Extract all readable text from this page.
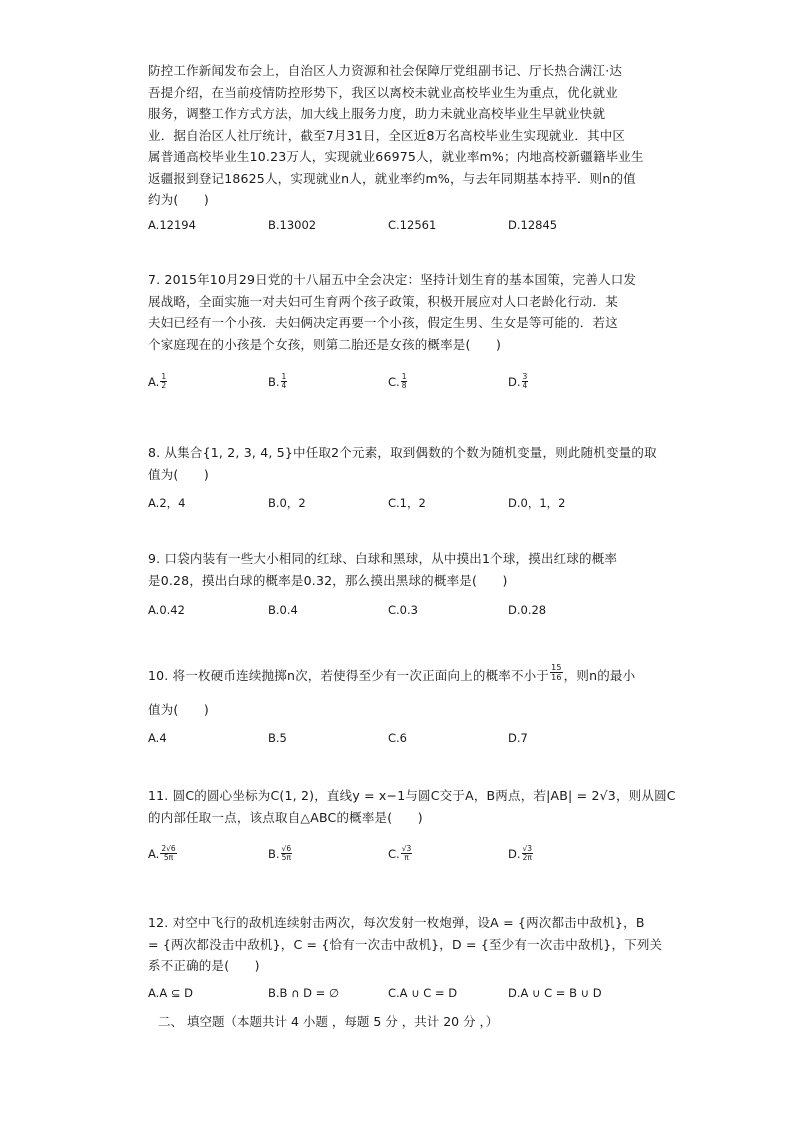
防控工作新闻发布会上，自治区人力资源和社会保障厅党组副书记、厅长热合满江·达

吾提介绍，在当前疫情防控形势下，我区以离校未就业高校毕业生为重点，优化就业

服务，调整工作方式方法，加大线上服务力度，助力未就业高校毕业生早就业快就

业．据自治区人社厅统计，截至7月31日，全区近8万名高校毕业生实现就业．其中区

属普通高校毕业生10.23万人，实现就业66975人，就业率m%；内地高校新疆籍毕业生

返疆报到登记18625人，实现就业n人，就业率约m%，与去年同期基本持平．则n的值

约为(　　)

A.12194	B.13002	C.12561	D.12845

7. 2015年10月29日党的十八届五中全会决定：坚持计划生育的基本国策，完善人口发

展战略，全面实施一对夫妇可生育两个孩子政策，积极开展应对人口老龄化行动．某

夫妇已经有一个小孩．夫妇俩决定再要一个小孩，假定生男、生女是等可能的．若这

个家庭现在的小孩是个女孩，则第二胎还是女孩的概率是(　　)

A. $\frac{1}{2}$	B. $\frac{1}{4}$	C. $\frac{1}{8}$	D. $\frac{3}{4}$

8. 从集合{1, 2, 3, 4, 5}中任取2个元素，取到偶数的个数为随机变量，则此随机变量的取

值为(　　)

A.2，4	B.0，2	C.1，2	D.0，1，2

9. 口袋内装有一些大小相同的红球、白球和黑球，从中摸出1个球，摸出红球的概率

是0.28，摸出白球的概率是0.32，那么摸出黑球的概率是(　　)

A.0.42	B.0.4	C.0.3	D.0.28

10. 将一枚硬币连续抛掷n次，若使得至少有一次正面向上的概率不小于 $\frac{15}{16}$ ，则n的最小

值为(　　)

A.4	B.5	C.6	D.7

11. 圆C的圆心坐标为C(1, 2)，直线y = x−1与圆C交于A，B两点，若|AB| = 2√3，则从圆C

的内部任取一点，该点取自△ABC的概率是(　　)

A. $\frac{2√6}{5\pi}$	B. $\frac{√6}{5\pi}$	C. $\frac{√3}{\pi}$	D. $\frac{√3}{2\pi}$

12. 对空中飞行的敌机连续射击两次，每次发射一枚炮弹，设A = {两次都击中敌机}，B

= {两次都没击中敌机}，C = {恰有一次击中敌机}，D = {至少有一次击中敌机}，下列关

系不正确的是(　　)

A.A ⊆ D	B.B ∩ D = ∅	C.A ∪ C = D	D.A ∪ C = B ∪ D
二、 填空题（本题共计 4 小题 ，每题 5 分 ，共计 20 分 ，）
